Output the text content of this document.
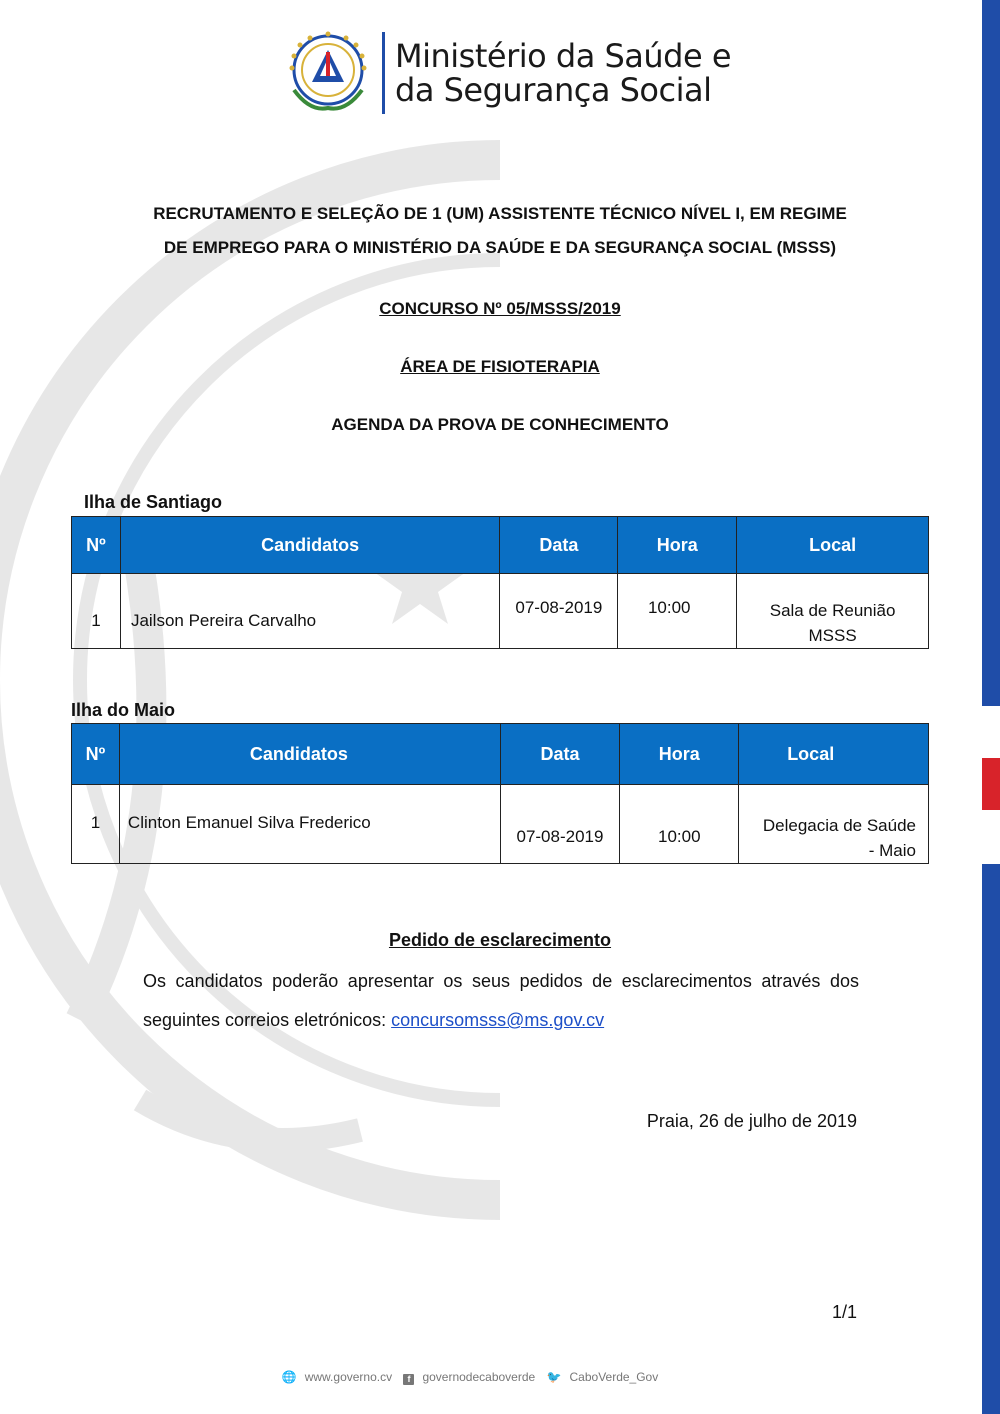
Ministério da Saúde e
da Segurança Social
RECRUTAMENTO E SELEÇÃO DE 1 (UM) ASSISTENTE TÉCNICO NÍVEL I, EM REGIME
DE EMPREGO PARA O MINISTÉRIO DA SAÚDE E DA SEGURANÇA SOCIAL (MSSS)
CONCURSO Nº 05/MSSS/2019
ÁREA DE FISIOTERAPIA
AGENDA DA PROVA DE CONHECIMENTO
Ilha de Santiago
Nº	Candidatos	Data	Hora	Local
1	Jailson Pereira Carvalho	07-08-2019	10:00	Sala de Reunião
MSSS
Ilha do Maio
Nº	Candidatos	Data	Hora	Local
1	Clinton Emanuel Silva Frederico	07-08-2019	10:00	Delegacia de Saúde
- Maio
Pedido de esclarecimento
Os candidatos poderão apresentar os seus pedidos de esclarecimentos através dos seguintes correios eletrónicos: concursomsss@ms.gov.cv
Praia, 26 de julho de 2019
1/1
🌐 www.governo.cv f governodecaboverde 🐦 CaboVerde_Gov
